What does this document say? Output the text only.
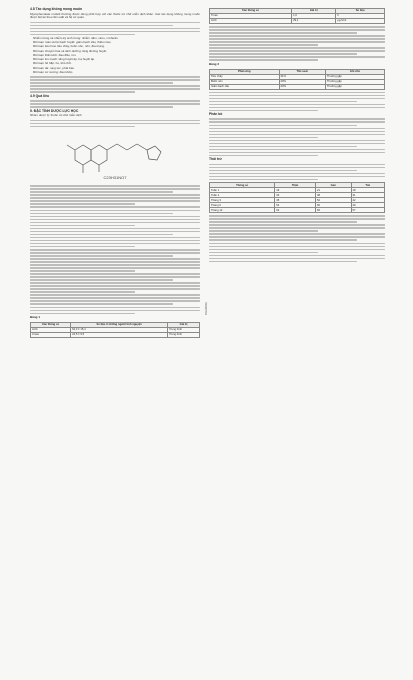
4.8 Tác dụng không mong muốn
Mycophenolate mofetil thường được dùng phối hợp với các thuốc ức chế miễn dịch khác. Các tác dụng không mong muốn được liệt kê theo tần suất và hệ cơ quan.
Nhiễm trùng và nhiễm ký sinh trùng: nhiễm nấm, virus, vi khuẩn.
Rối loạn máu và hệ bạch huyết: giảm bạch cầu, thiếu máu.
Rối loạn tiêu hóa: tiêu chảy, buồn nôn, nôn, đau bụng.
Rối loạn chuyển hóa và dinh dưỡng: tăng đường huyết.
Rối loạn thần kinh: đau đầu, run.
Rối loạn tim mạch: tăng huyết áp, hạ huyết áp.
Rối loạn hô hấp: ho, khó thở.
Rối loạn da: rụng tóc, phát ban.
Rối loạn cơ xương: đau khớp.
4.9 Quá liều
5. ĐẶC TÍNH DƯỢC LỰC HỌC
Nhóm dược lý: thuốc ức chế miễn dịch
C23H31NO7
Bảng 1
Các thông số	Số liệu ở những người tình nguyện	Giá trị
AUC	64,3 ± 15,4	Trung bình
Cmax	24,5 ± 9,5	Trung bình
PHARMA
Các thông số	Giá trị	Số liệu
Tmax	1,0	h
AUC	29,1	µg.h/ml
Bảng 2
Phản ứng	Tần suất	Ghi chú
Tiêu chảy	31%	Thường gặp
Buồn nôn	20%	Thường gặp
Giảm bạch cầu	23%	Thường gặp
Phân bố
Thải trừ
Thông số	Thận	Gan	Tim
Tuần 1	19	21	18
Tuần 4	33	38	31
Tháng 3	45	52	42
Tháng 6	54	60	49
Tháng 12	62	66	57
